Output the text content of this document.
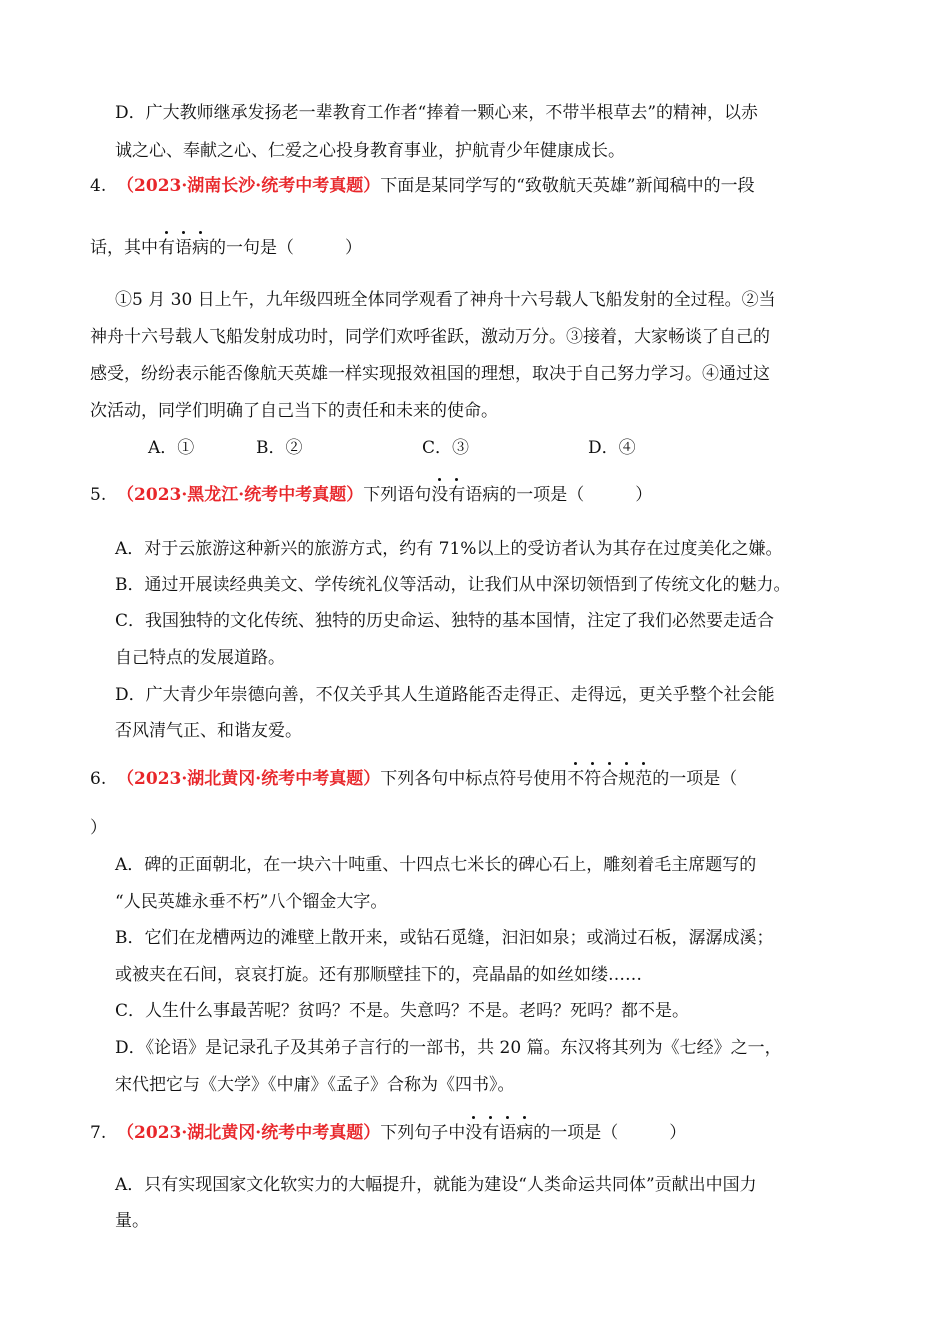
D．广大教师继承发扬老一辈教育工作者“捧着一颗心来，不带半根草去”的精神，以赤
诚之心、奉献之心、仁爱之心投身教育事业，护航青少年健康成长。
4. （2023·湖南长沙·统考中考真题）下面是某同学写的“致敬航天英雄”新闻稿中的一段
话，其中有语病的一句是（　　　）
①5 月 30 日上午，九年级四班全体同学观看了神舟十六号载人飞船发射的全过程。②当
神舟十六号载人飞船发射成功时，同学们欢呼雀跃，激动万分。③接着，大家畅谈了自己的
感受，纷纷表示能否像航天英雄一样实现报效祖国的理想，取决于自己努力学习。④通过这
次活动，同学们明确了自己当下的责任和未来的使命。
A．①	B．②	C．③	D．④
5. （2023·黑龙江·统考中考真题）下列语句没有语病的一项是（　　　）
A．对于云旅游这种新兴的旅游方式，约有 71%以上的受访者认为其存在过度美化之嫌。
B．通过开展读经典美文、学传统礼仪等活动，让我们从中深切领悟到了传统文化的魅力。
C．我国独特的文化传统、独特的历史命运、独特的基本国情，注定了我们必然要走适合
自己特点的发展道路。
D．广大青少年崇德向善，不仅关乎其人生道路能否走得正、走得远，更关乎整个社会能
否风清气正、和谐友爱。
6. （2023·湖北黄冈·统考中考真题）下列各句中标点符号使用不符合规范的一项是（
）
A．碑的正面朝北，在一块六十吨重、十四点七米长的碑心石上，雕刻着毛主席题写的
“人民英雄永垂不朽”八个镏金大字。
B．它们在龙槽两边的滩壁上散开来，或钻石觅缝，汩汩如泉；或淌过石板，潺潺成溪；
或被夹在石间，哀哀打旋。还有那顺壁挂下的，亮晶晶的如丝如缕……
C．人生什么事最苦呢？贫吗？不是。失意吗？不是。老吗？死吗？都不是。
D．《论语》是记录孔子及其弟子言行的一部书，共 20 篇。东汉将其列为《七经》之一，
宋代把它与《大学》《中庸》《孟子》合称为《四书》。
7. （2023·湖北黄冈·统考中考真题）下列句子中没有语病的一项是（　　　）
A．只有实现国家文化软实力的大幅提升，就能为建设“人类命运共同体”贡献出中国力
量。
